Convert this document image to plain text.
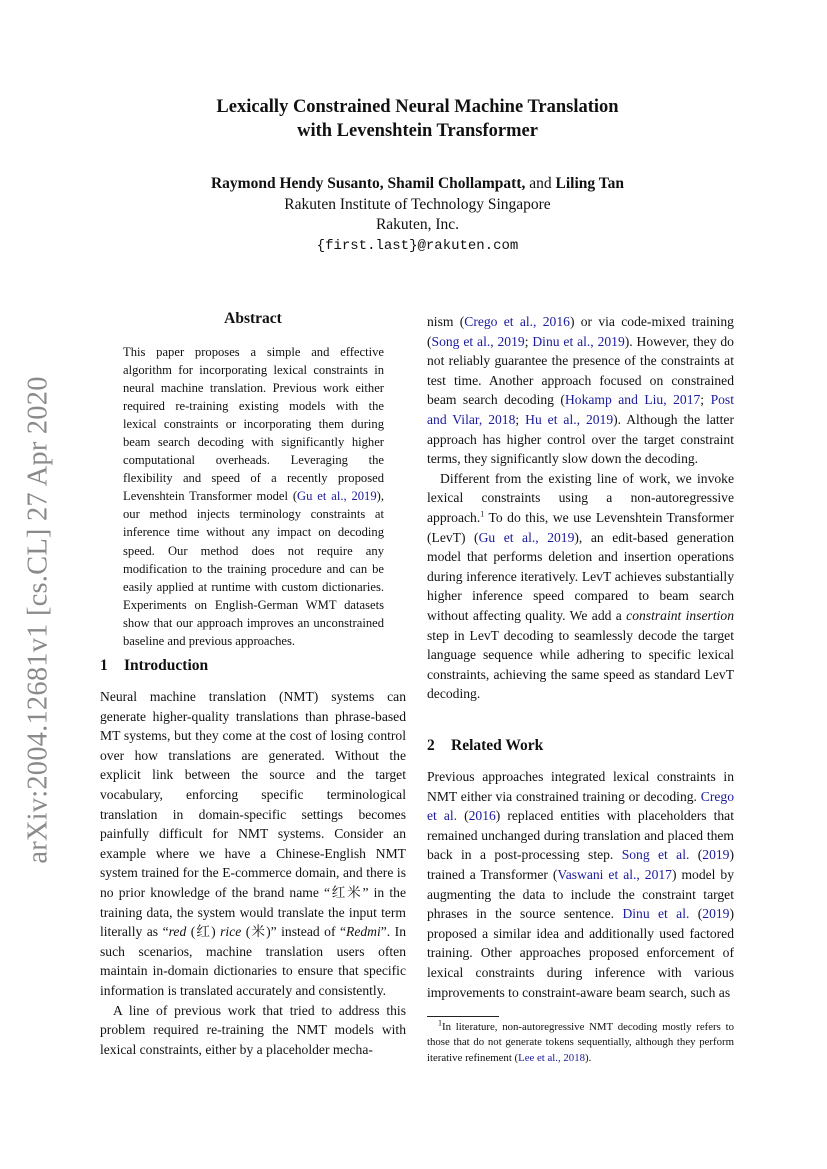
arXiv:2004.12681v1 [cs.CL] 27 Apr 2020
Lexically Constrained Neural Machine Translation
with Levenshtein Transformer
Raymond Hendy Susanto, Shamil Chollampatt, and Liling Tan
Rakuten Institute of Technology Singapore
Rakuten, Inc.
{first.last}@rakuten.com
Abstract
This paper proposes a simple and effective algorithm for incorporating lexical constraints in neural machine translation. Previous work either required re-training existing models with the lexical constraints or incorporating them during beam search decoding with significantly higher computational overheads. Leveraging the flexibility and speed of a recently proposed Levenshtein Transformer model (Gu et al., 2019), our method injects terminology constraints at inference time without any impact on decoding speed. Our method does not require any modification to the training procedure and can be easily applied at runtime with custom dictionaries. Experiments on English-German WMT datasets show that our approach improves an unconstrained baseline and previous approaches.
1 Introduction

Neural machine translation (NMT) systems can generate higher-quality translations than phrase-based MT systems, but they come at the cost of losing control over how translations are generated. Without the explicit link between the source and the target vocabulary, enforcing specific terminological translation in domain-specific settings becomes painfully difficult for NMT systems. Consider an example where we have a Chinese-English NMT system trained for the E-commerce domain, and there is no prior knowledge of the brand name “红米” in the training data, the system would translate the input term literally as “red (红) rice (米)” instead of “Redmi”. In such scenarios, machine translation users often maintain in-domain dictionaries to ensure that specific information is translated accurately and consistently.

A line of previous work that tried to address this problem required re-training the NMT models with lexical constraints, either by a placeholder mecha-

nism (Crego et al., 2016) or via code-mixed training (Song et al., 2019; Dinu et al., 2019). However, they do not reliably guarantee the presence of the constraints at test time. Another approach focused on constrained beam search decoding (Hokamp and Liu, 2017; Post and Vilar, 2018; Hu et al., 2019). Although the latter approach has higher control over the target constraint terms, they significantly slow down the decoding.

Different from the existing line of work, we invoke lexical constraints using a non-autoregressive approach.$^1$ To do this, we use Levenshtein Transformer (LevT) (Gu et al., 2019), an edit-based generation model that performs deletion and insertion operations during inference iteratively. LevT achieves substantially higher inference speed compared to beam search without affecting quality. We add a constraint insertion step in LevT decoding to seamlessly decode the target language sequence while adhering to specific lexical constraints, achieving the same speed as standard LevT decoding.

2 Related Work

Previous approaches integrated lexical constraints in NMT either via constrained training or decoding. Crego et al. (2016) replaced entities with placeholders that remained unchanged during translation and placed them back in a post-processing step. Song et al. (2019) trained a Transformer (Vaswani et al., 2017) model by augmenting the data to include the constraint target phrases in the source sentence. Dinu et al. (2019) proposed a similar idea and additionally used factored training. Other approaches proposed enforcement of lexical constraints during inference with various improvements to constraint-aware beam search, such as

$^1$In literature, non-autoregressive NMT decoding mostly refers to those that do not generate tokens sequentially, although they perform iterative refinement (Lee et al., 2018).
